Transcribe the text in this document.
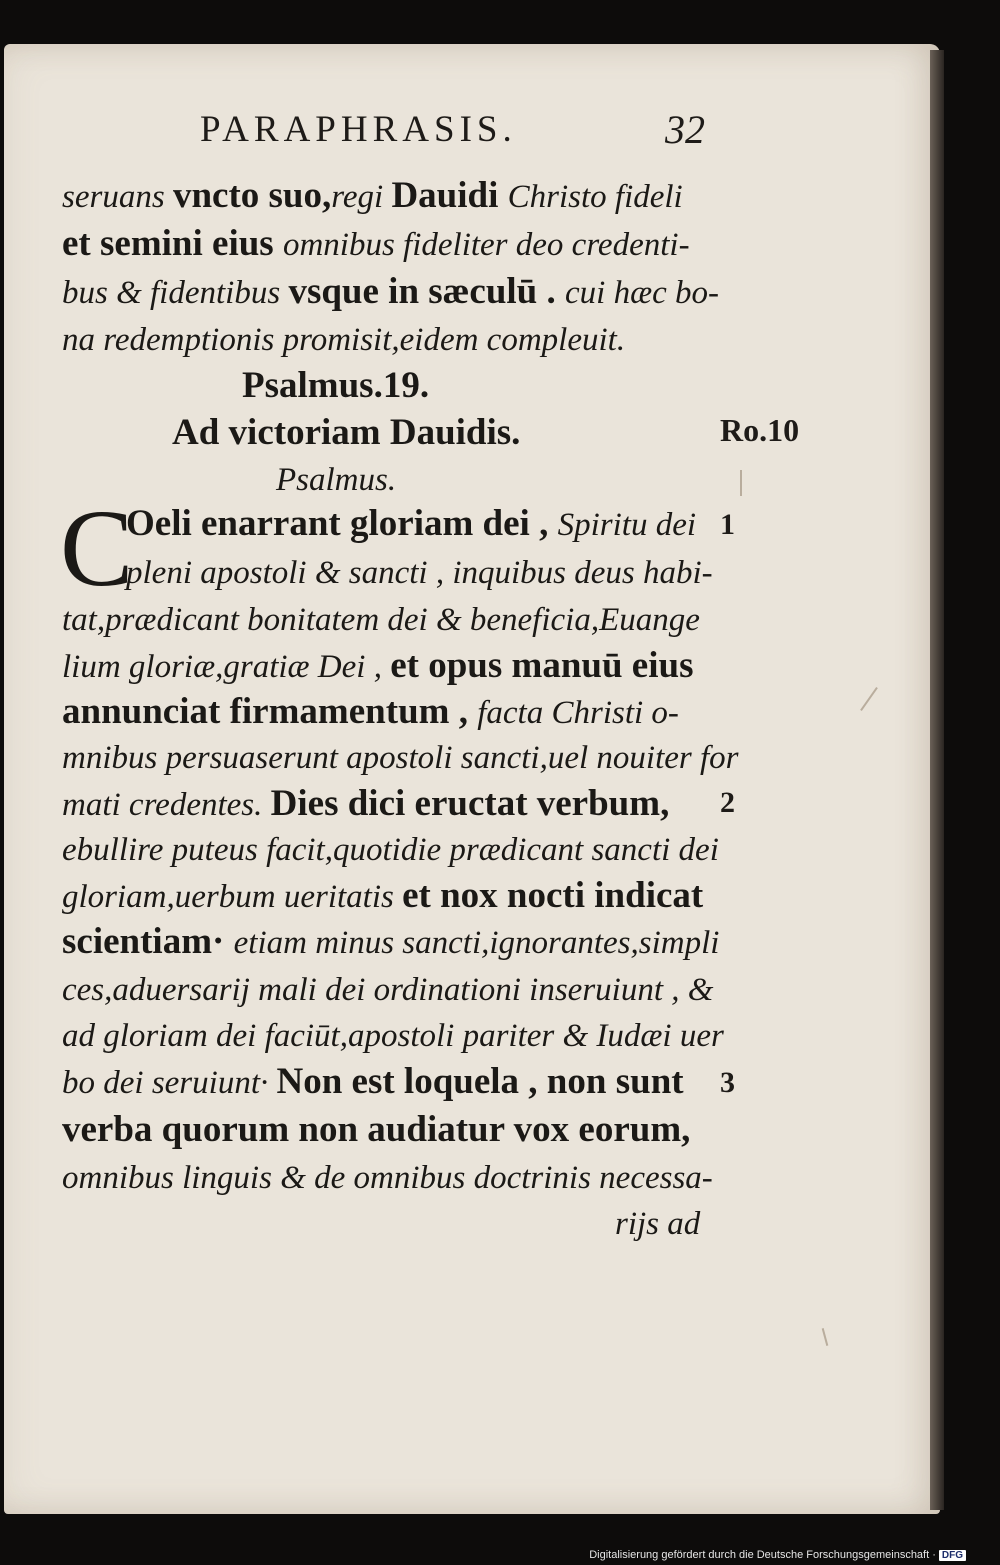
PARAPHRASIS.	32
seruans vncto suo,regi Dauidi Christo fideli
et semini eius omnibus fideliter deo credenti-
bus & fidentibus vsque in sæculū . cui hæc bo-
na redemptionis promisit,eidem compleuit.
Psalmus.19.
Ad victoriam Dauidis.
Psalmus.
Oeli enarrant gloriam dei , Spiritu dei
pleni apostoli & sancti , inquibus deus habi-
tat,prædicant bonitatem dei & beneficia,Euange
lium gloriæ,gratiæ Dei , et opus manuū eius
annunciat firmamentum , facta Christi o-
mnibus persuaserunt apostoli sancti,uel nouiter for
mati credentes. Dies dici eructat verbum,
ebullire puteus facit,quotidie prædicant sancti dei
gloriam,uerbum ueritatis et nox nocti indicat
scientiam· etiam minus sancti,ignorantes,simpli
ces,aduersarij mali dei ordinationi inseruiunt , &
ad gloriam dei faciūt,apostoli pariter & Iudæi uer
bo dei seruiunt· Non est loquela , non sunt
verba quorum non audiatur vox eorum,
omnibus linguis & de omnibus doctrinis necessa-
rijs ad
C
Ro.10
1
2
3
Digitalisierung gefördert durch die Deutsche Forschungsgemeinschaft · DFG
